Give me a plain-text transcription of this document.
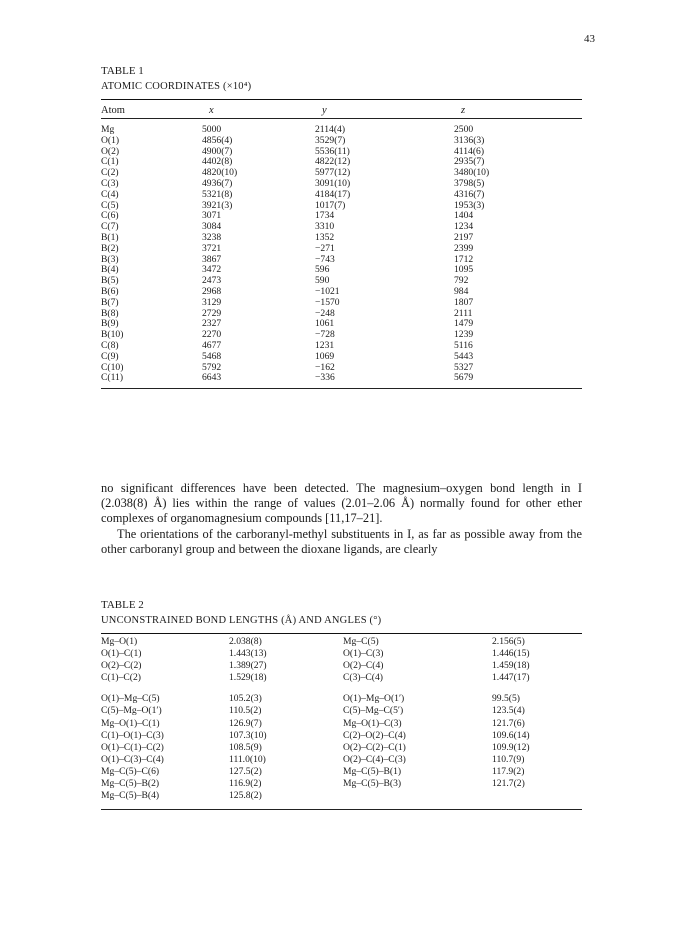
43
TABLE 1
ATOMIC COORDINATES (×10⁴)
Atom	x	y	z
Mg	5000	2114(4)	2500
O(1)	4856(4)	3529(7)	3136(3)
O(2)	4900(7)	5536(11)	4114(6)
C(1)	4402(8)	4822(12)	2935(7)
C(2)	4820(10)	5977(12)	3480(10)
C(3)	4936(7)	3091(10)	3798(5)
C(4)	5321(8)	4184(17)	4316(7)
C(5)	3921(3)	1017(7)	1953(3)
C(6)	3071	1734	1404
C(7)	3084	3310	1234
B(1)	3238	1352	2197
B(2)	3721	−271	2399
B(3)	3867	−743	1712
B(4)	3472	596	1095
B(5)	2473	590	792
B(6)	2968	−1021	984
B(7)	3129	−1570	1807
B(8)	2729	−248	2111
B(9)	2327	1061	1479
B(10)	2270	−728	1239
C(8)	4677	1231	5116
C(9)	5468	1069	5443
C(10)	5792	−162	5327
C(11)	6643	−336	5679

no significant differences have been detected. The magnesium–oxygen bond length in I (2.038(8) Å) lies within the range of values (2.01–2.06 Å) normally found for other ether complexes of organomagnesium compounds [11,17–21].

The orientations of the carboranyl-methyl substituents in I, as far as possible away from the other carboranyl group and between the dioxane ligands, are clearly

TABLE 2
UNCONSTRAINED BOND LENGTHS (Å) AND ANGLES (°)
Mg–O(1)	2.038(8)	Mg–C(5)	2.156(5)
O(1)–C(1)	1.443(13)	O(1)–C(3)	1.446(15)
O(2)–C(2)	1.389(27)	O(2)–C(4)	1.459(18)
C(1)–C(2)	1.529(18)	C(3)–C(4)	1.447(17)
O(1)–Mg–C(5)	105.2(3)	O(1)–Mg–O(1′)	99.5(5)
C(5)–Mg–O(1′)	110.5(2)	C(5)–Mg–C(5′)	123.5(4)
Mg–O(1)–C(1)	126.9(7)	Mg–O(1)–C(3)	121.7(6)
C(1)–O(1)–C(3)	107.3(10)	C(2)–O(2)–C(4)	109.6(14)
O(1)–C(1)–C(2)	108.5(9)	O(2)–C(2)–C(1)	109.9(12)
O(1)–C(3)–C(4)	111.0(10)	O(2)–C(4)–C(3)	110.7(9)
Mg–C(5)–C(6)	127.5(2)	Mg–C(5)–B(1)	117.9(2)
Mg–C(5)–B(2)	116.9(2)	Mg–C(5)–B(3)	121.7(2)
Mg–C(5)–B(4)	125.8(2)
